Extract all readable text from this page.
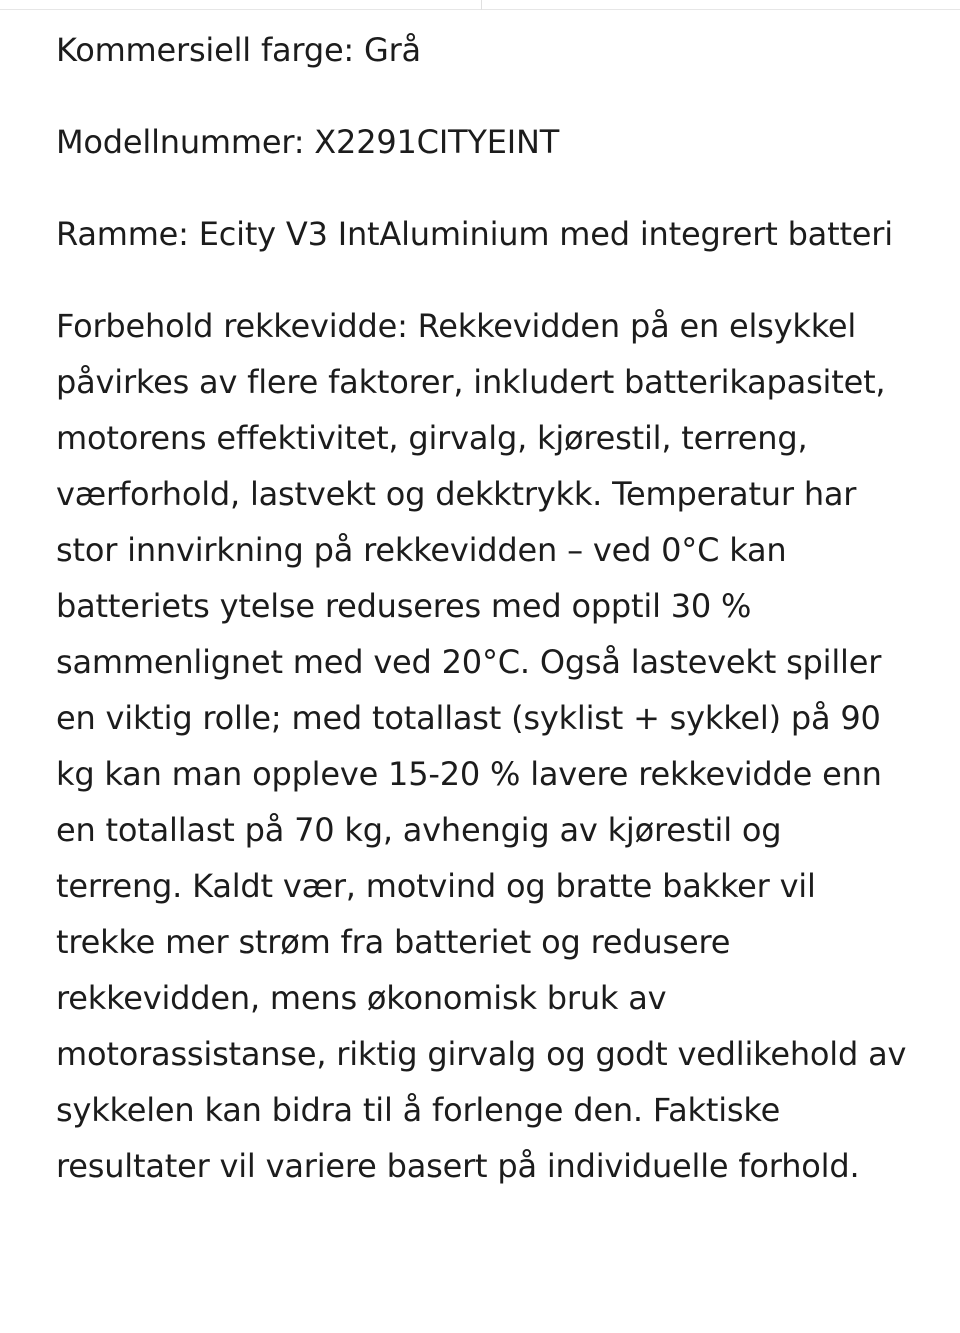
Kommersiell farge: Grå

Modellnummer: X2291CITYEINT

Ramme: Ecity V3 IntAluminium med integrert batteri

Forbehold rekkevidde: Rekkevidden på en elsykkel påvirkes av flere faktorer, inkludert batterikapasitet, motorens effektivitet, girvalg, kjørestil, terreng, værforhold, lastvekt og dekktrykk. Temperatur har stor innvirkning på rekkevidden – ved 0°C kan batteriets ytelse reduseres med opptil 30 % sammenlignet med ved 20°C. Også lastevekt spiller en viktig rolle; med totallast (syklist + sykkel) på 90 kg kan man oppleve 15-20 % lavere rekkevidde enn en totallast på 70 kg, avhengig av kjørestil og terreng. Kaldt vær, motvind og bratte bakker vil trekke mer strøm fra batteriet og redusere rekkevidden, mens økonomisk bruk av motorassistanse, riktig girvalg og godt vedlikehold av sykkelen kan bidra til å forlenge den. Faktiske resultater vil variere basert på individuelle forhold.
